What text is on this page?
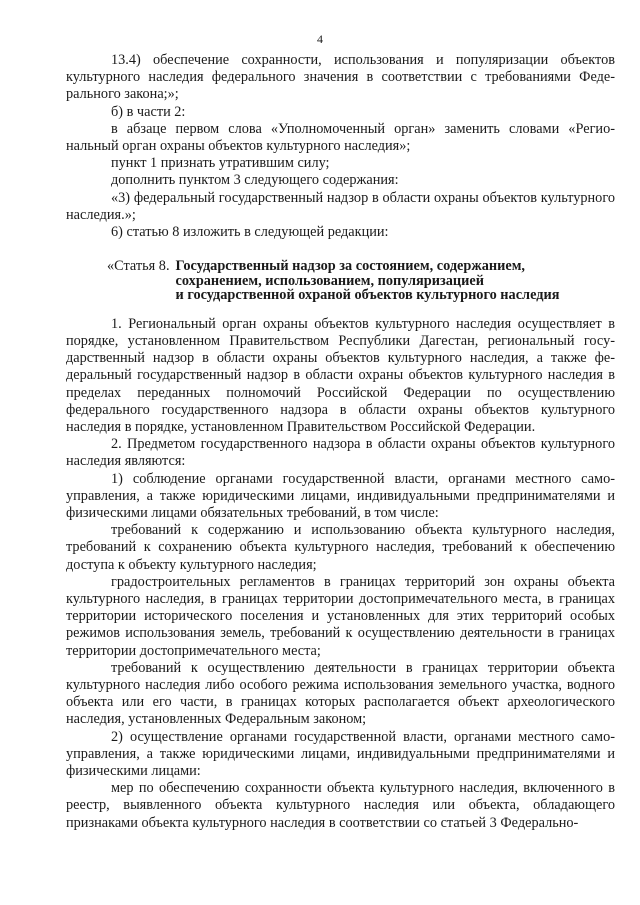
4

13.4) обеспечение сохранности, использования и популяризации объектов культурного наследия федерального значения в соответствии с требованиями Федерального закона;»;

б) в части 2:

в абзаце первом слова «Уполномоченный орган» заменить словами «Региональный орган охраны объектов культурного наследия»;

пункт 1 признать утратившим силу;

дополнить пунктом 3 следующего содержания:

«3) федеральный государственный надзор в области охраны объектов культурного наследия.»;

6) статью 8 изложить в следующей редакции:

«Статья 8. Государственный надзор за состоянием, содержанием,
сохранением, использованием, популяризацией
и государственной охраной объектов культурного наследия

1. Региональный орган охраны объектов культурного наследия осуществляет в порядке, установленном Правительством Республики Дагестан, региональный государственный надзор в области охраны объектов культурного наследия, а также федеральный государственный надзор в области охраны объектов культурного наследия в пределах переданных полномочий Российской Федерации по осуществлению федерального государственного надзора в области охраны объектов культурного наследия в порядке, установленном Правительством Российской Федерации.

2. Предметом государственного надзора в области охраны объектов культурного наследия являются:

1) соблюдение органами государственной власти, органами местного самоуправления, а также юридическими лицами, индивидуальными предпринимателями и физическими лицами обязательных требований, в том числе:

требований к содержанию и использованию объекта культурного наследия, требований к сохранению объекта культурного наследия, требований к обеспечению доступа к объекту культурного наследия;

градостроительных регламентов в границах территорий зон охраны объекта культурного наследия, в границах территории достопримечательного места, в границах территории исторического поселения и установленных для этих территорий особых режимов использования земель, требований к осуществлению деятельности в границах территории достопримечательного места;

требований к осуществлению деятельности в границах территории объекта культурного наследия либо особого режима использования земельного участка, водного объекта или его части, в границах которых располагается объект археологического наследия, установленных Федеральным законом;

2) осуществление органами государственной власти, органами местного самоуправления, а также юридическими лицами, индивидуальными предпринимателями и физическими лицами:

мер по обеспечению сохранности объекта культурного наследия, включенного в реестр, выявленного объекта культурного наследия или объекта, обладающего признаками объекта культурного наследия в соответствии со статьей 3 Федерально-
